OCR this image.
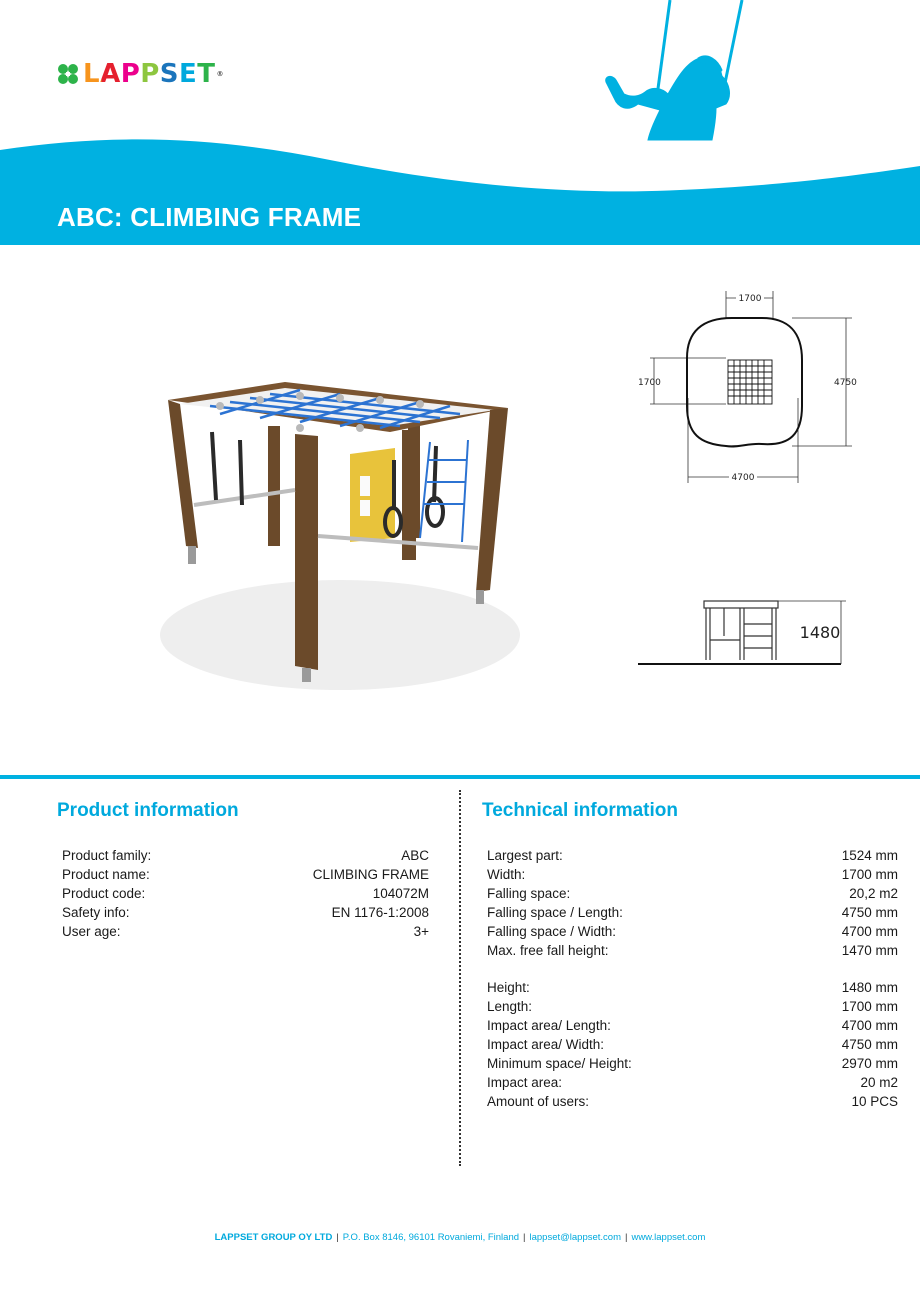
LAPPSET®
ABC: CLIMBING FRAME
1700
1700	4750
4700
1480
Product information	Technical information
Product family:	ABC
Product name:	CLIMBING FRAME
Product code:	104072M
Safety info:	EN 1176-1:2008
User age:	3+
Largest part:	1524 mm
Width:	1700 mm
Falling space:	20,2 m2
Falling space / Length:	4750 mm
Falling space / Width:	4700 mm
Max. free fall height:	1470 mm
Height:	1480 mm
Length:	1700 mm
Impact area/ Length:	4700 mm
Impact area/ Width:	4750 mm
Minimum space/ Height:	2970 mm
Impact area:	20 m2
Amount of users:	10 PCS
LAPPSET GROUP OY LTD | P.O. Box 8146, 96101 Rovaniemi, Finland | lappset@lappset.com | www.lappset.com
